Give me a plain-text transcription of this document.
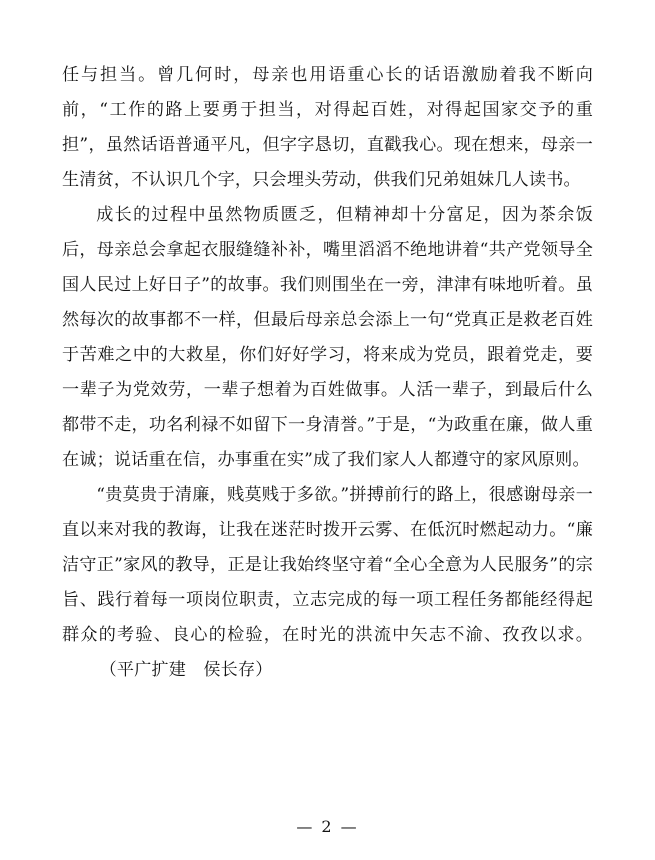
任与担当。曾几何时，母亲也用语重心长的话语激励着我不断向前，“工作的路上要勇于担当，对得起百姓，对得起国家交予的重担”，虽然话语普通平凡，但字字恳切，直戳我心。现在想来，母亲一生清贫，不认识几个字，只会埋头劳动，供我们兄弟姐妹几人读书。

成长的过程中虽然物质匮乏，但精神却十分富足，因为茶余饭后，母亲总会拿起衣服缝缝补补，嘴里滔滔不绝地讲着“共产党领导全国人民过上好日子”的故事。我们则围坐在一旁，津津有味地听着。虽然每次的故事都不一样，但最后母亲总会添上一句“党真正是救老百姓于苦难之中的大救星，你们好好学习，将来成为党员，跟着党走，要一辈子为党效劳，一辈子想着为百姓做事。人活一辈子，到最后什么都带不走，功名利禄不如留下一身清誉。”于是，“为政重在廉，做人重在诚；说话重在信，办事重在实”成了我们家人人都遵守的家风原则。

“贵莫贵于清廉，贱莫贱于多欲。”拼搏前行的路上，很感谢母亲一直以来对我的教诲，让我在迷茫时拨开云雾、在低沉时燃起动力。“廉洁守正”家风的教导，正是让我始终坚守着“全心全意为人民服务”的宗旨、践行着每一项岗位职责，立志完成的每一项工程任务都能经得起群众的考验、良心的检验，在时光的洪流中矢志不渝、孜孜以求。（平广扩建　侯长存）

— 2 —
